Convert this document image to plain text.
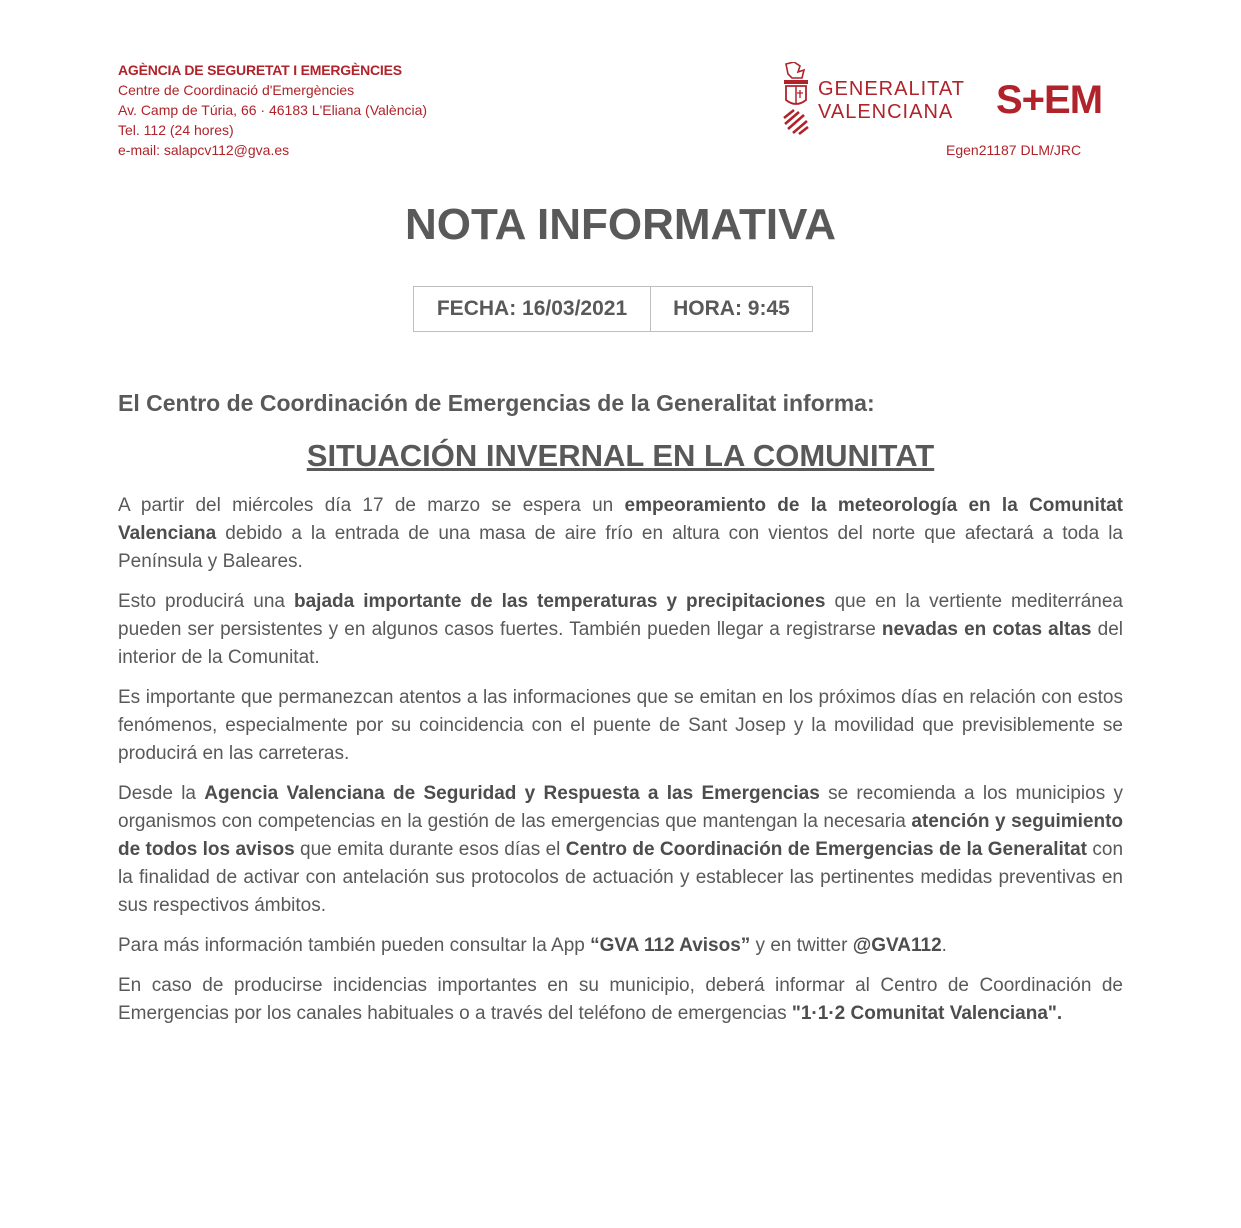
AGÈNCIA DE SEGURETAT I EMERGÈNCIES
Centre de Coordinació d'Emergències
Av. Camp de Túria, 66 · 46183 L'Eliana (València)
Tel. 112 (24 hores)
e-mail: salapcv112@gva.es
GENERALITAT
VALENCIANA S+EM
Egen21187 DLM/JRC
NOTA INFORMATIVA
FECHA: 16/03/2021	HORA: 9:45
El Centro de Coordinación de Emergencias de la Generalitat informa:
SITUACIÓN INVERNAL EN LA COMUNITAT

A partir del miércoles día 17 de marzo se espera un empeoramiento de la meteorología en la Comunitat Valenciana debido a la entrada de una masa de aire frío en altura con vientos del norte que afectará a toda la Península y Baleares.

Esto producirá una bajada importante de las temperaturas y precipitaciones que en la vertiente mediterránea pueden ser persistentes y en algunos casos fuertes. También pueden llegar a registrarse nevadas en cotas altas del interior de la Comunitat.

Es importante que permanezcan atentos a las informaciones que se emitan en los próximos días en relación con estos fenómenos, especialmente por su coincidencia con el puente de Sant Josep y la movilidad que previsiblemente se producirá en las carreteras.

Desde la Agencia Valenciana de Seguridad y Respuesta a las Emergencias se recomienda a los municipios y organismos con competencias en la gestión de las emergencias que mantengan la necesaria atención y seguimiento de todos los avisos que emita durante esos días el Centro de Coordinación de Emergencias de la Generalitat con la finalidad de activar con antelación sus protocolos de actuación y establecer las pertinentes medidas preventivas en sus respectivos ámbitos.

Para más información también pueden consultar la App “GVA 112 Avisos” y en twitter @GVA112.

En caso de producirse incidencias importantes en su municipio, deberá informar al Centro de Coordinación de Emergencias por los canales habituales o a través del teléfono de emergencias "1·1·2 Comunitat Valenciana".
